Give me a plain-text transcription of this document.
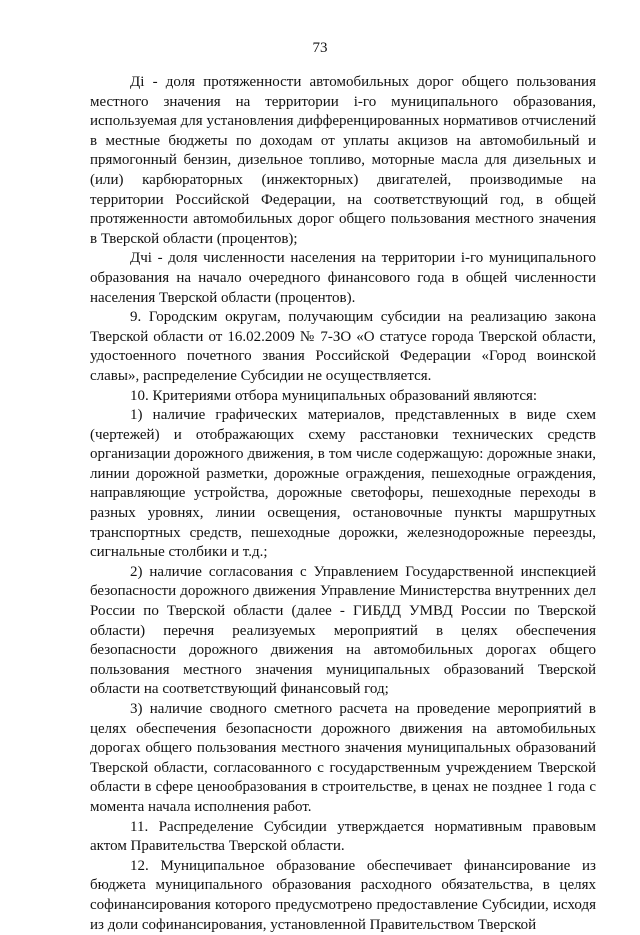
73

Дi - доля протяженности автомобильных дорог общего пользования местного значения на территории i-го муниципального образования, используемая для установления дифференцированных нормативов отчислений в местные бюджеты по доходам от уплаты акцизов на автомобильный и прямогонный бензин, дизельное топливо, моторные масла для дизельных и (или) карбюраторных (инжекторных) двигателей, производимые на территории Российской Федерации, на соответствующий год, в общей протяженности автомобильных дорог общего пользования местного значения в Тверской области (процентов);

Дчi - доля численности населения на территории i-го муниципального образования на начало очередного финансового года в общей численности населения Тверской области (процентов).

9. Городским округам, получающим субсидии на реализацию закона Тверской области от 16.02.2009 № 7-ЗО «О статусе города Тверской области, удостоенного почетного звания Российской Федерации «Город воинской славы», распределение Субсидии не осуществляется.

10. Критериями отбора муниципальных образований являются:

1) наличие графических материалов, представленных в виде схем (чертежей) и отображающих схему расстановки технических средств организации дорожного движения, в том числе содержащую: дорожные знаки, линии дорожной разметки, дорожные ограждения, пешеходные ограждения, направляющие устройства, дорожные светофоры, пешеходные переходы в разных уровнях, линии освещения, остановочные пункты маршрутных транспортных средств, пешеходные дорожки, железнодорожные переезды, сигнальные столбики и т.д.;

2) наличие согласования с Управлением Государственной инспекцией безопасности дорожного движения Управление Министерства внутренних дел России по Тверской области (далее - ГИБДД УМВД России по Тверской области) перечня реализуемых мероприятий в целях обеспечения безопасности дорожного движения на автомобильных дорогах общего пользования местного значения муниципальных образований Тверской области на соответствующий финансовый год;

3) наличие сводного сметного расчета на проведение мероприятий в целях обеспечения безопасности дорожного движения на автомобильных дорогах общего пользования местного значения муниципальных образований Тверской области, согласованного с государственным учреждением Тверской области в сфере ценообразования в строительстве, в ценах не позднее 1 года с момента начала исполнения работ.

11. Распределение Субсидии утверждается нормативным правовым актом Правительства Тверской области.

12. Муниципальное образование обеспечивает финансирование из бюджета муниципального образования расходного обязательства, в целях софинансирования которого предусмотрено предоставление Субсидии, исходя из доли софинансирования, установленной Правительством Тверской
